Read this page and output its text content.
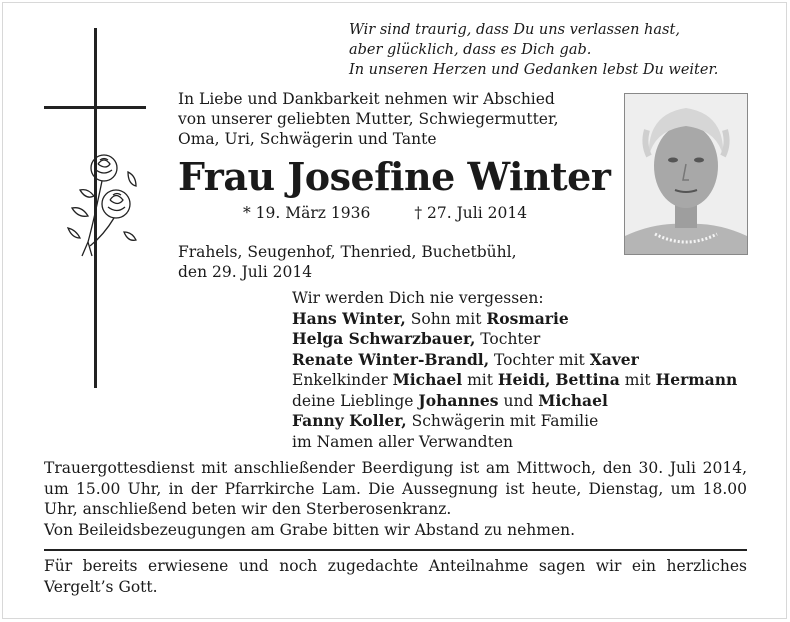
Wir sind traurig, dass Du uns verlassen hast,
aber glücklich, dass es Dich gab.
In unseren Herzen und Gedanken lebst Du weiter.
In Liebe und Dankbarkeit nehmen wir Abschied
von unserer geliebten Mutter, Schwiegermutter,
Oma, Uri, Schwägerin und Tante
Frau Josefine Winter
* 19. März 1936	† 27. Juli 2014
Frahels, Seugenhof, Thenried, Buchetbühl,
den 29. Juli 2014
Wir werden Dich nie vergessen:
Hans Winter, Sohn mit Rosmarie
Helga Schwarzbauer, Tochter
Renate Winter-Brandl, Tochter mit Xaver
Enkelkinder Michael mit Heidi, Bettina mit Hermann
deine Lieblinge Johannes und Michael
Fanny Koller, Schwägerin mit Familie
im Namen aller Verwandten
Trauergottesdienst mit anschließender Beerdigung ist am Mittwoch, den 30. Juli 2014, um 15.00 Uhr, in der Pfarrkirche Lam. Die Aussegnung ist heute, Dienstag, um 18.00 Uhr, anschließend beten wir den Sterberosenkranz.
Von Beileidsbezeugungen am Grabe bitten wir Abstand zu nehmen.
Für bereits erwiesene und noch zugedachte Anteilnahme sagen wir ein herzliches Vergelt’s Gott.
